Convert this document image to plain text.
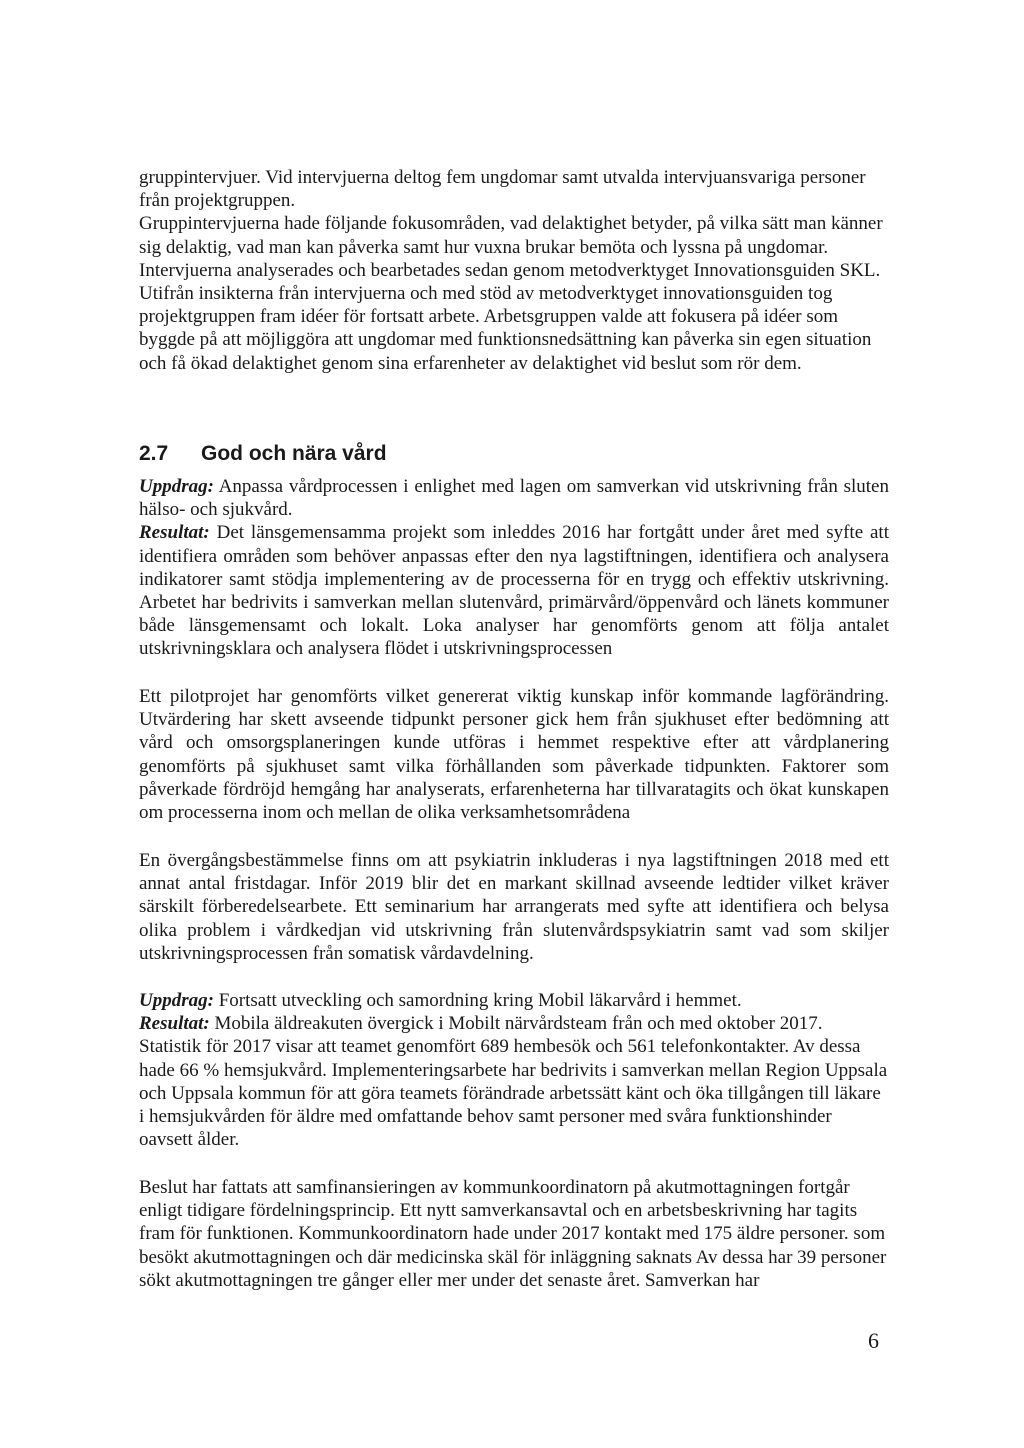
gruppintervjuer. Vid intervjuerna deltog fem ungdomar samt utvalda intervjuansvariga personer från projektgruppen.

Gruppintervjuerna hade följande fokusområden, vad delaktighet betyder, på vilka sätt man känner sig delaktig, vad man kan påverka samt hur vuxna brukar bemöta och lyssna på ungdomar. Intervjuerna analyserades och bearbetades sedan genom metodverktyget Innovationsguiden SKL.

Utifrån insikterna från intervjuerna och med stöd av metodverktyget innovationsguiden tog projektgruppen fram idéer för fortsatt arbete. Arbetsgruppen valde att fokusera på idéer som byggde på att möjliggöra att ungdomar med funktionsnedsättning kan påverka sin egen situation och få ökad delaktighet genom sina erfarenheter av delaktighet vid beslut som rör dem.

2.7 God och nära vård

Uppdrag: Anpassa vårdprocessen i enlighet med lagen om samverkan vid utskrivning från sluten hälso- och sjukvård.

Resultat: Det länsgemensamma projekt som inleddes 2016 har fortgått under året med syfte att identifiera områden som behöver anpassas efter den nya lagstiftningen, identifiera och analysera indikatorer samt stödja implementering av de processerna för en trygg och effektiv utskrivning. Arbetet har bedrivits i samverkan mellan slutenvård, primärvård/öppenvård och länets kommuner både länsgemensamt och lokalt. Loka analyser har genomförts genom att följa antalet utskrivningsklara och analysera flödet i utskrivningsprocessen

Ett pilotprojet har genomförts vilket genererat viktig kunskap inför kommande lagförändring. Utvärdering har skett avseende tidpunkt personer gick hem från sjukhuset efter bedömning att vård och omsorgsplaneringen kunde utföras i hemmet respektive efter att vårdplanering genomförts på sjukhuset samt vilka förhållanden som påverkade tidpunkten. Faktorer som påverkade fördröjd hemgång har analyserats, erfarenheterna har tillvaratagits och ökat kunskapen om processerna inom och mellan de olika verksamhetsområdena

En övergångsbestämmelse finns om att psykiatrin inkluderas i nya lagstiftningen 2018 med ett annat antal fristdagar. Inför 2019 blir det en markant skillnad avseende ledtider vilket kräver särskilt förberedelsearbete. Ett seminarium har arrangerats med syfte att identifiera och belysa olika problem i vårdkedjan vid utskrivning från slutenvårdspsykiatrin samt vad som skiljer utskrivningsprocessen från somatisk vårdavdelning.

Uppdrag: Fortsatt utveckling och samordning kring Mobil läkarvård i hemmet.

Resultat: Mobila äldreakuten övergick i Mobilt närvårdsteam från och med oktober 2017. Statistik för 2017 visar att teamet genomfört 689 hembesök och 561 telefonkontakter. Av dessa hade 66 % hemsjukvård. Implementeringsarbete har bedrivits i samverkan mellan Region Uppsala och Uppsala kommun för att göra teamets förändrade arbetssätt känt och öka tillgången till läkare i hemsjukvården för äldre med omfattande behov samt personer med svåra funktionshinder oavsett ålder.

Beslut har fattats att samfinansieringen av kommunkoordinatorn på akutmottagningen fortgår enligt tidigare fördelningsprincip. Ett nytt samverkansavtal och en arbetsbeskrivning har tagits fram för funktionen. Kommunkoordinatorn hade under 2017 kontakt med 175 äldre personer. som besökt akutmottagningen och där medicinska skäl för inläggning saknats Av dessa har 39 personer sökt akutmottagningen tre gånger eller mer under det senaste året. Samverkan har

6
